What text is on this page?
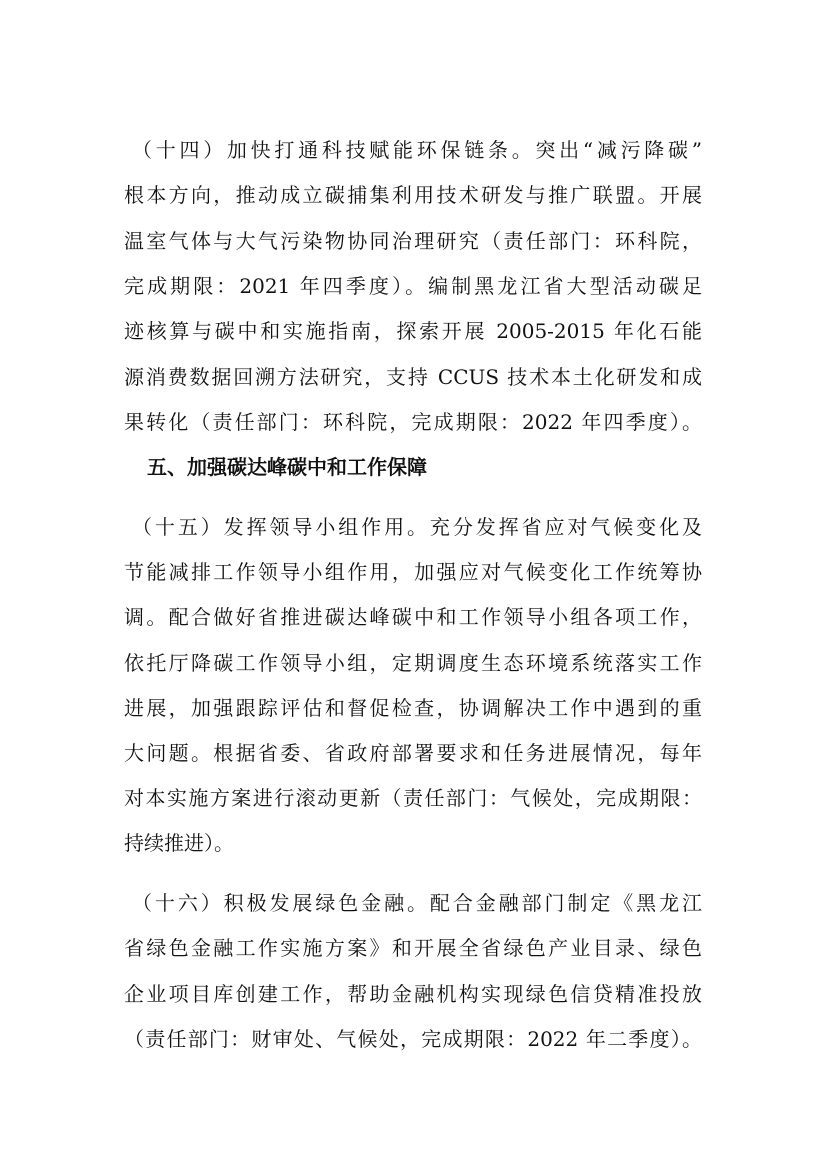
（十四）加快打通科技赋能环保链条。突出“减污降碳”
根本方向，推动成立碳捕集利用技术研发与推广联盟。开展
温室气体与大气污染物协同治理研究（责任部门：环科院，
完成期限：2021 年四季度）。编制黑龙江省大型活动碳足
迹核算与碳中和实施指南，探索开展 2005-2015 年化石能
源消费数据回溯方法研究，支持 CCUS 技术本土化研发和成
果转化（责任部门：环科院，完成期限：2022 年四季度）。
五、加强碳达峰碳中和工作保障
（十五）发挥领导小组作用。充分发挥省应对气候变化及
节能减排工作领导小组作用，加强应对气候变化工作统筹协
调。配合做好省推进碳达峰碳中和工作领导小组各项工作，
依托厅降碳工作领导小组，定期调度生态环境系统落实工作
进展，加强跟踪评估和督促检查，协调解决工作中遇到的重
大问题。根据省委、省政府部署要求和任务进展情况，每年
对本实施方案进行滚动更新（责任部门：气候处，完成期限：
持续推进）。
（十六）积极发展绿色金融。配合金融部门制定《黑龙江
省绿色金融工作实施方案》和开展全省绿色产业目录、绿色
企业项目库创建工作，帮助金融机构实现绿色信贷精准投放
（责任部门：财审处、气候处，完成期限：2022 年二季度）。
